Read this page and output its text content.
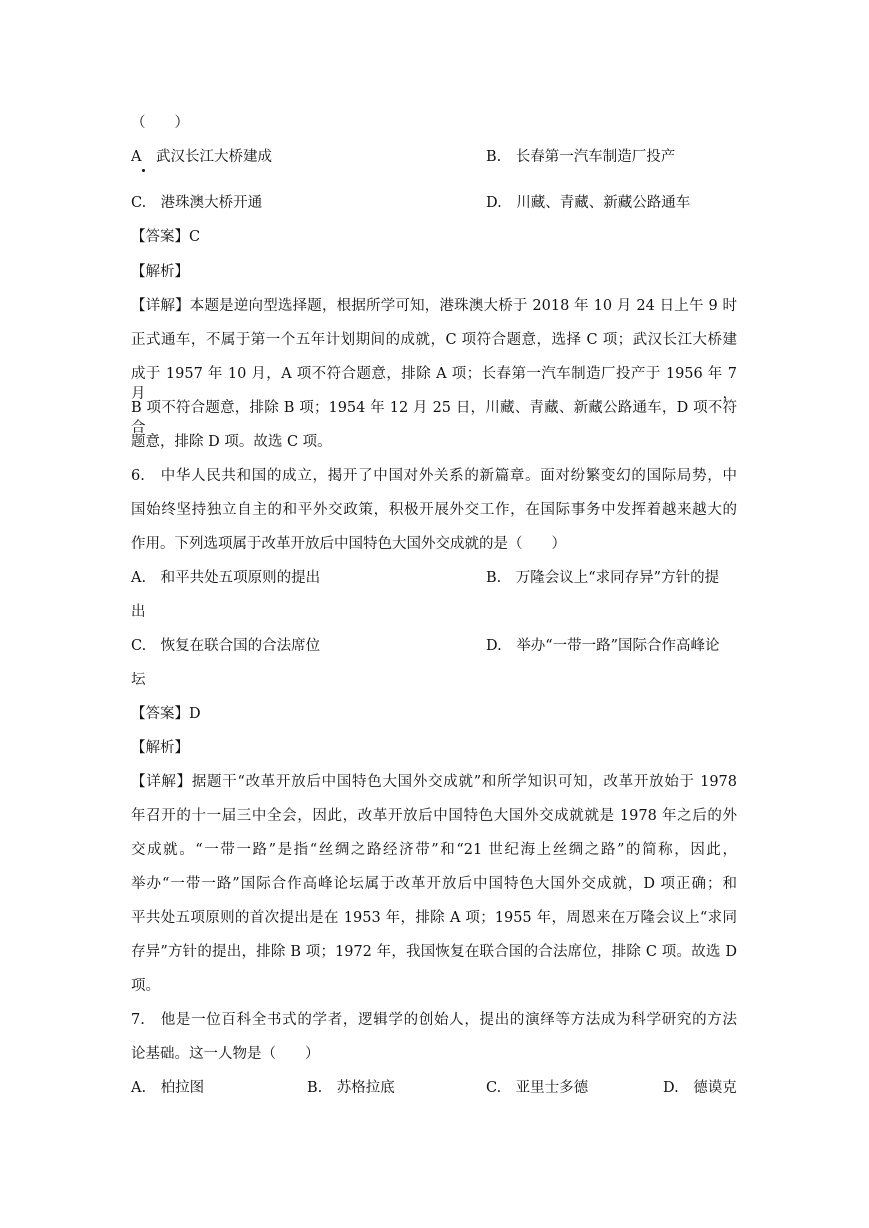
（　　）
A　武汉长江大桥建成	B.　长春第一汽车制造厂投产
C.　港珠澳大桥开通	D.　川藏、青藏、新藏公路通车
【答案】C
【解析】
【详解】本题是逆向型选择题，根据所学可知，港珠澳大桥于 2018 年 10 月 24 日上午 9 时
正式通车，不属于第一个五年计划期间的成就，C 项符合题意，选择 C 项；武汉长江大桥建
成于 1957 年 10 月，A 项不符合题意，排除 A 项；长春第一汽车制造厂投产于 1956 年 7 月，
B 项不符合题意，排除 B 项；1954 年 12 月 25 日，川藏、青藏、新藏公路通车，D 项不符合
题意，排除 D 项。故选 C 项。
6.　中华人民共和国的成立，揭开了中国对外关系的新篇章。面对纷繁变幻的国际局势，中
国始终坚持独立自主的和平外交政策，积极开展外交工作，在国际事务中发挥着越来越大的
作用。下列选项属于改革开放后中国特色大国外交成就的是（　　）
A.　和平共处五项原则的提出	B.　万隆会议上“求同存异”方针的提
出
C.　恢复在联合国的合法席位	D.　举办“一带一路”国际合作高峰论
坛
【答案】D
【解析】
【详解】据题干“改革开放后中国特色大国外交成就”和所学知识可知，改革开放始于 1978
年召开的十一届三中全会，因此，改革开放后中国特色大国外交成就就是 1978 年之后的外
交成就。“一带一路”是指“丝绸之路经济带”和“21 世纪海上丝绸之路”的简称，因此，
举办“一带一路”国际合作高峰论坛属于改革开放后中国特色大国外交成就，D 项正确；和
平共处五项原则的首次提出是在 1953 年，排除 A 项；1955 年，周恩来在万隆会议上“求同
存异”方针的提出，排除 B 项；1972 年，我国恢复在联合国的合法席位，排除 C 项。故选 D
项。
7.　他是一位百科全书式的学者，逻辑学的创始人，提出的演绎等方法成为科学研究的方法
论基础。这一人物是（　　）
A.　柏拉图	B.　苏格拉底	C.　亚里士多德	D.　德谟克
